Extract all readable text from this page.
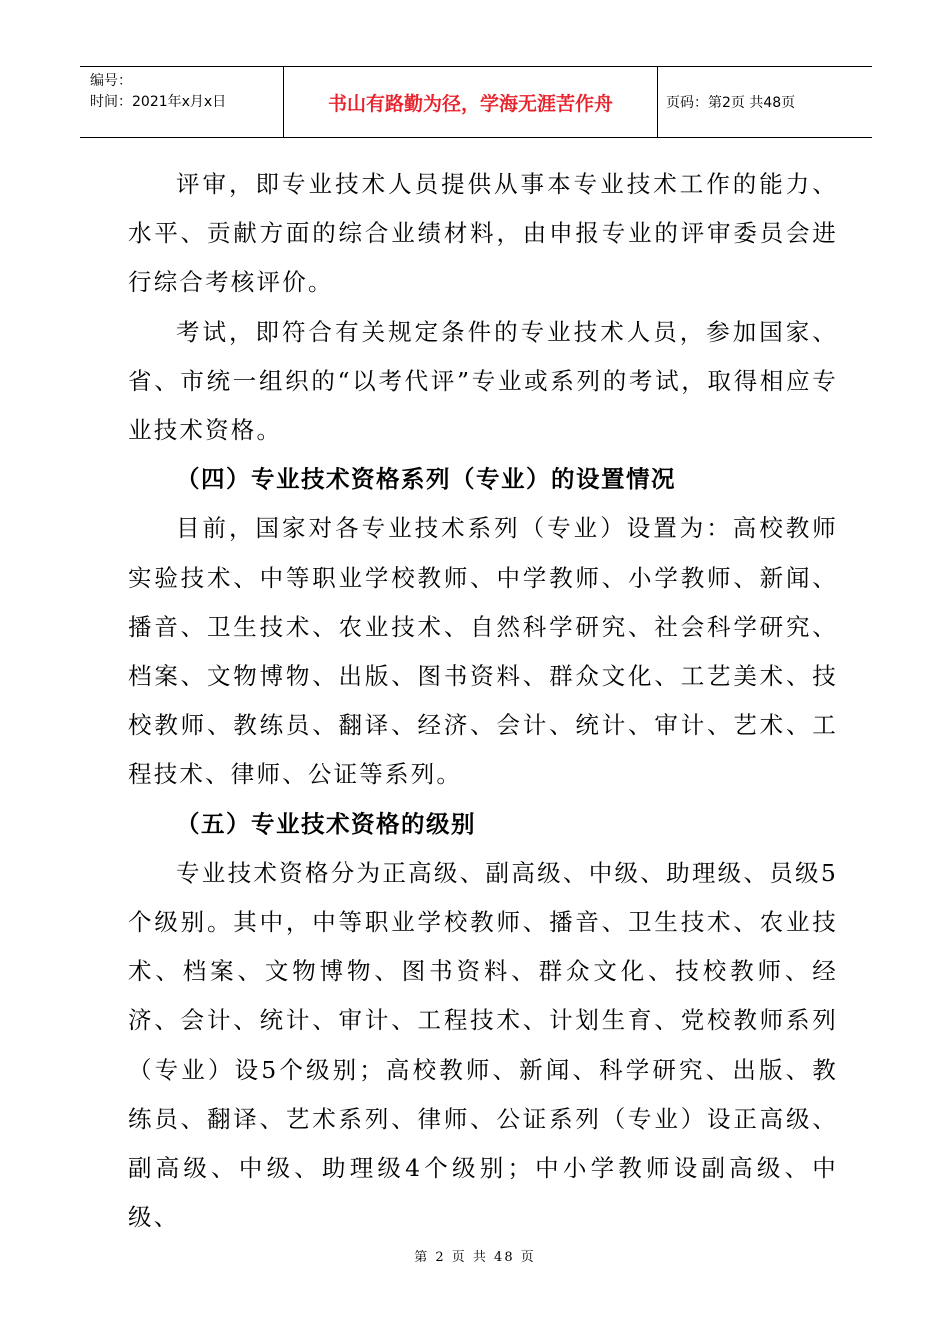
编号：
时间：2021年x月x日	书山有路勤为径，学海无涯苦作舟	页码：第2页 共48页

评审，即专业技术人员提供从事本专业技术工作的能力、水平、贡献方面的综合业绩材料，由申报专业的评审委员会进行综合考核评价。

考试，即符合有关规定条件的专业技术人员，参加国家、省、市统一组织的“以考代评”专业或系列的考试，取得相应专业技术资格。

（四）专业技术资格系列（专业）的设置情况

目前，国家对各专业技术系列（专业）设置为：高校教师实验技术、中等职业学校教师、中学教师、小学教师、新闻、播音、卫生技术、农业技术、自然科学研究、社会科学研究、档案、文物博物、出版、图书资料、群众文化、工艺美术、技校教师、教练员、翻译、经济、会计、统计、审计、艺术、工程技术、律师、公证等系列。

（五）专业技术资格的级别

专业技术资格分为正高级、副高级、中级、助理级、员级5个级别。其中，中等职业学校教师、播音、卫生技术、农业技术、档案、文物博物、图书资料、群众文化、技校教师、经济、会计、统计、审计、工程技术、计划生育、党校教师系列（专业）设5个级别；高校教师、新闻、科学研究、出版、教练员、翻译、艺术系列、律师、公证系列（专业）设正高级、副高级、中级、助理级4个级别；中小学教师设副高级、中级、

第 2 页 共 48 页
